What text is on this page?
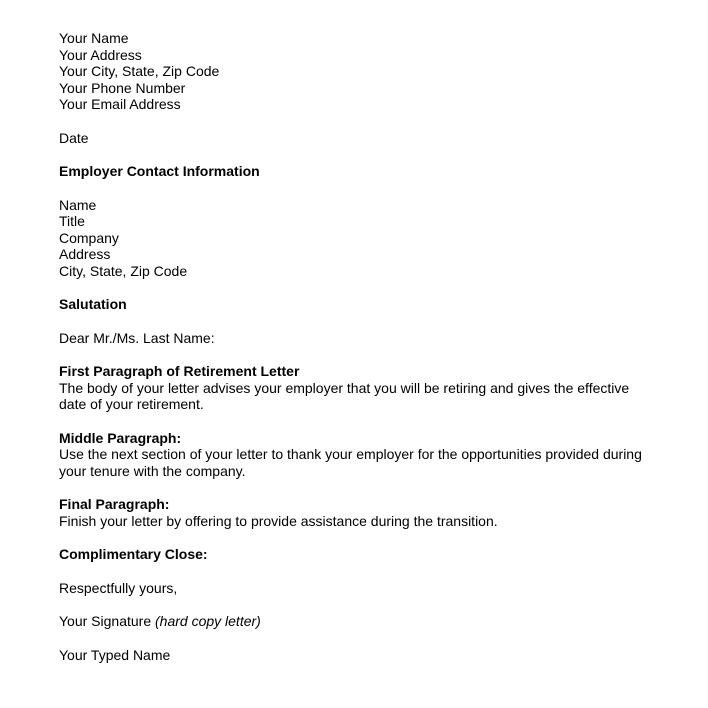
Your Name
Your Address
Your City, State, Zip Code
Your Phone Number
Your Email Address
Date
Employer Contact Information
Name
Title
Company
Address
City, State, Zip Code
Salutation
Dear Mr./Ms. Last Name:
First Paragraph of Retirement Letter
The body of your letter advises your employer that you will be retiring and gives the effective
date of your retirement.
Middle Paragraph:
Use the next section of your letter to thank your employer for the opportunities provided during
your tenure with the company.
Final Paragraph:
Finish your letter by offering to provide assistance during the transition.
Complimentary Close:
Respectfully yours,
Your Signature (hard copy letter)
Your Typed Name
